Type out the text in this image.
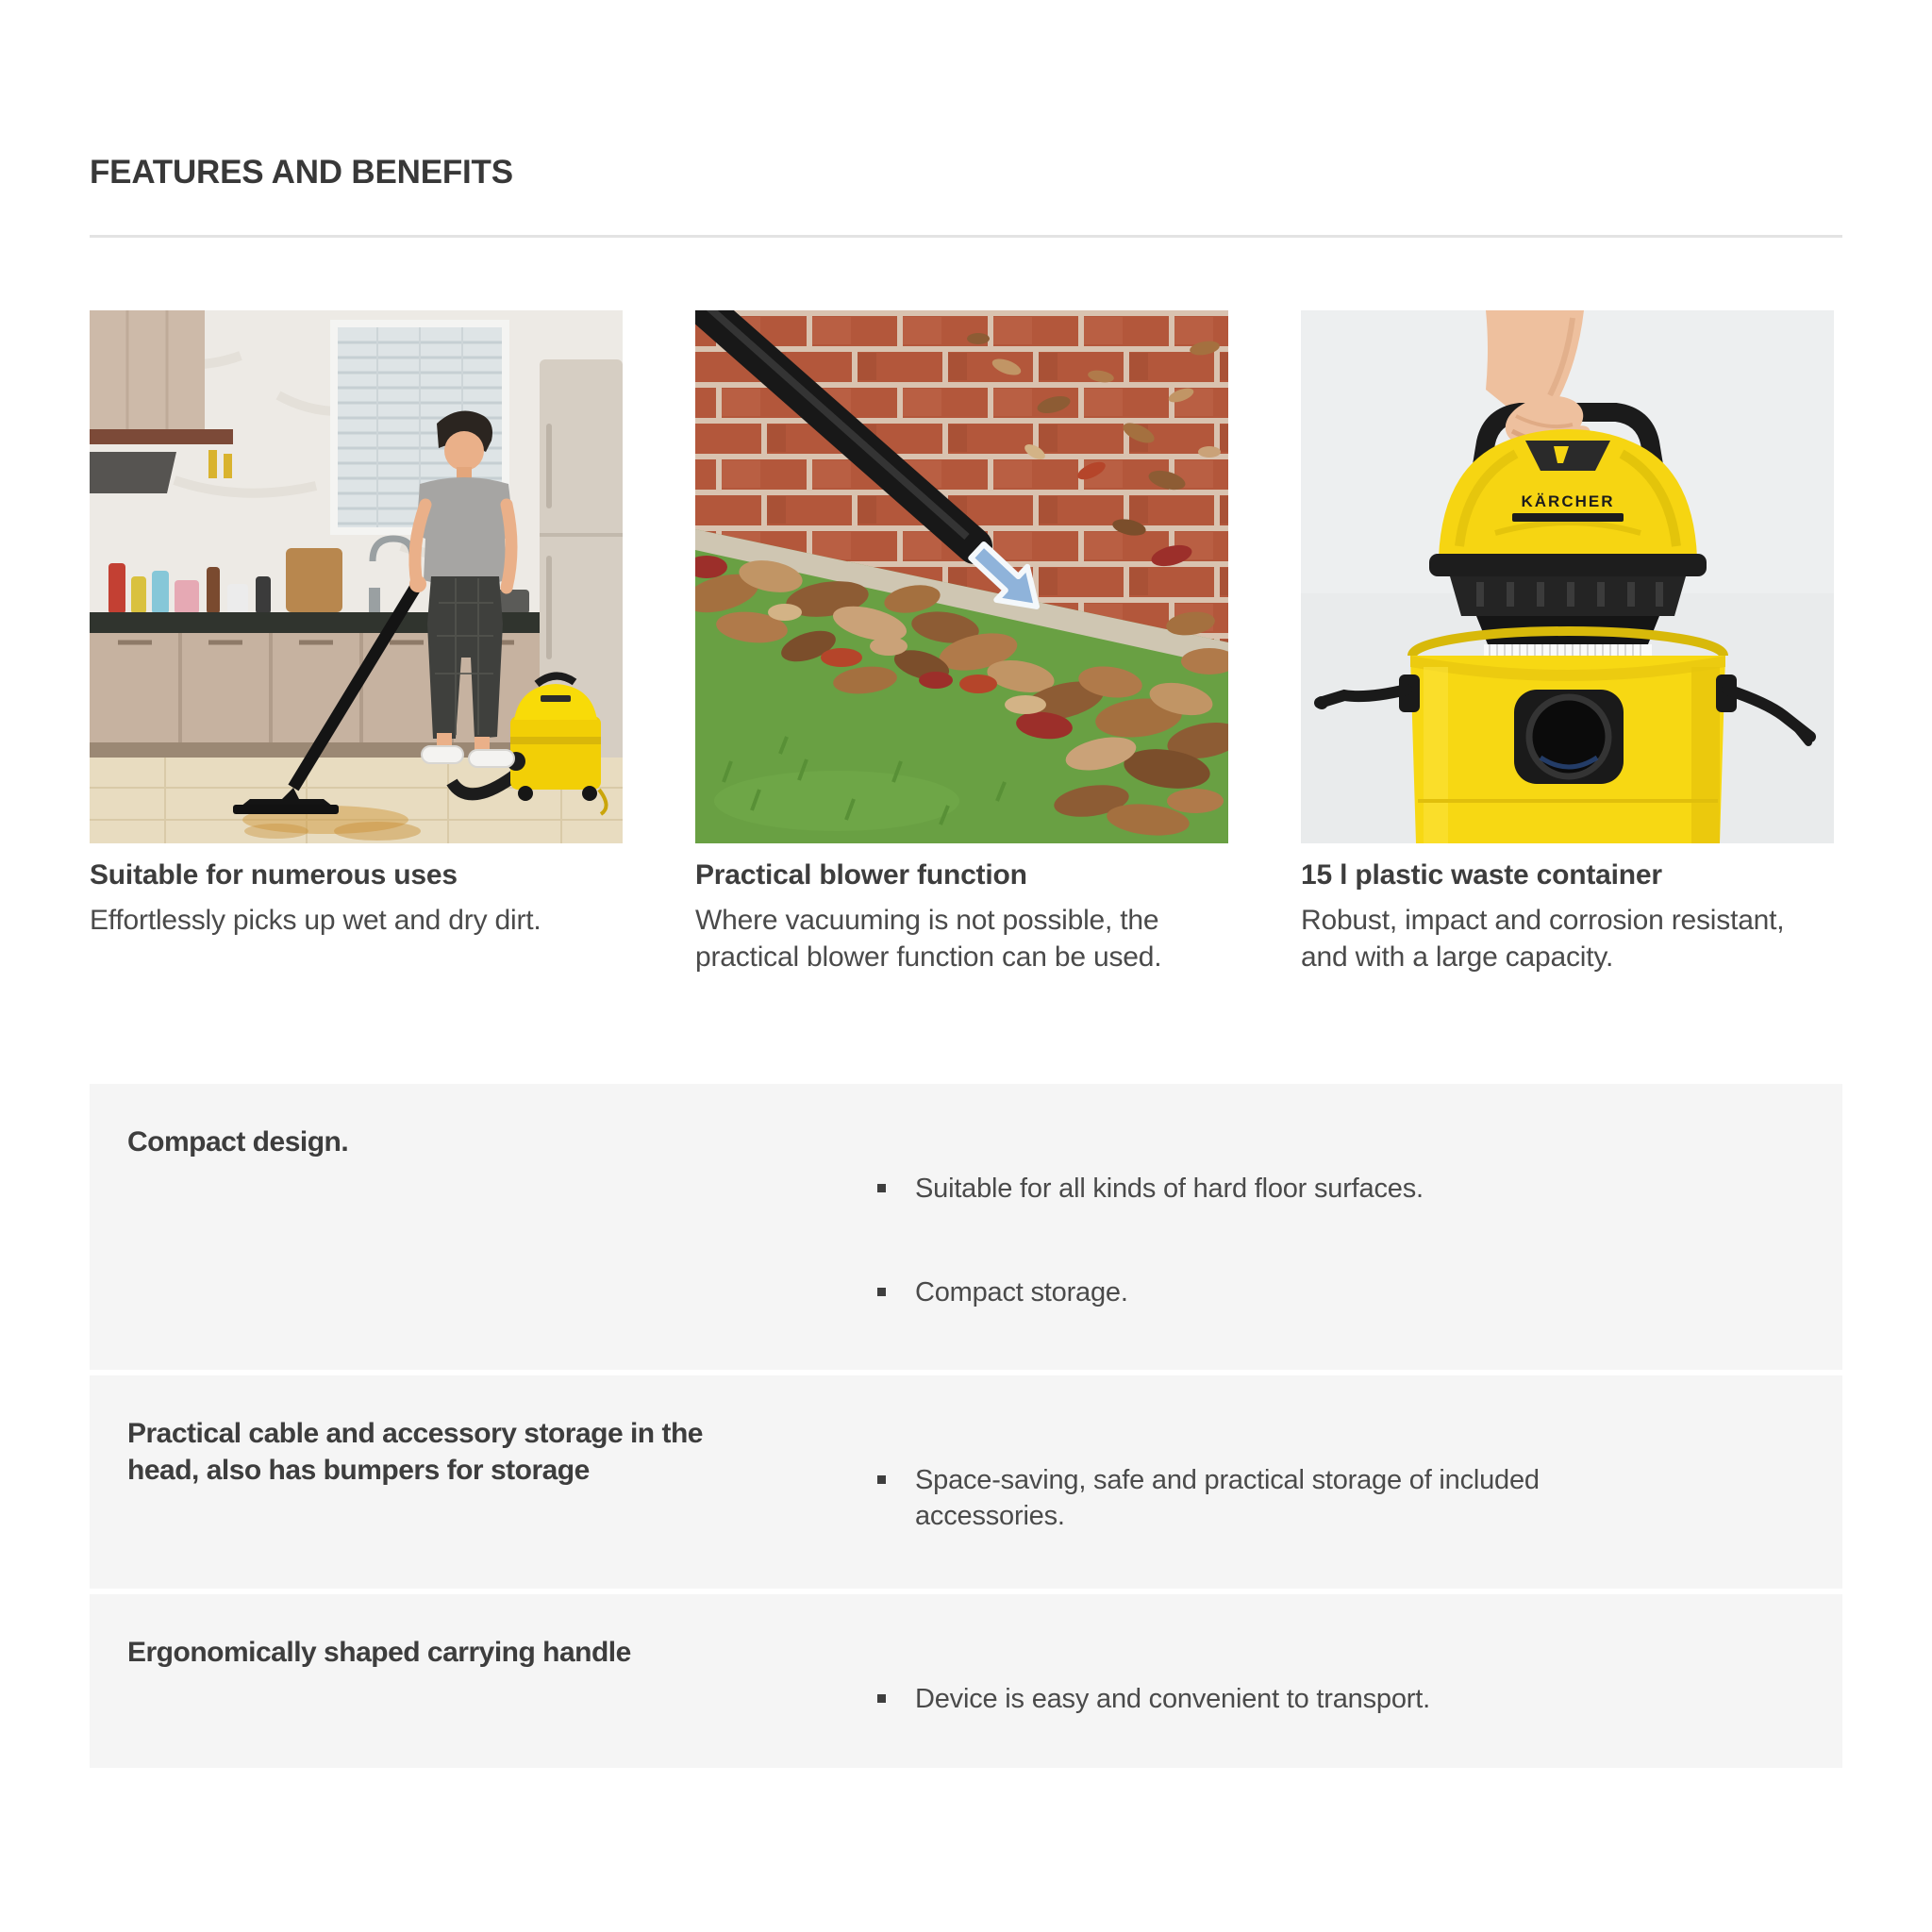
FEATURES AND BENEFITS
Suitable for numerous uses
Effortlessly picks up wet and dry dirt.
Practical blower function
Where vacuuming is not possible, the practical blower function can be used.
KÄRCHER
15 l plastic waste container
Robust, impact and corrosion resistant, and with a large capacity.
Compact design.
Suitable for all kinds of hard floor surfaces.
Compact storage.
Practical cable and accessory storage in the head, also has bumpers for storage	Space-saving, safe and practical storage of included accessories.
Ergonomically shaped carrying handle
Device is easy and convenient to transport.
